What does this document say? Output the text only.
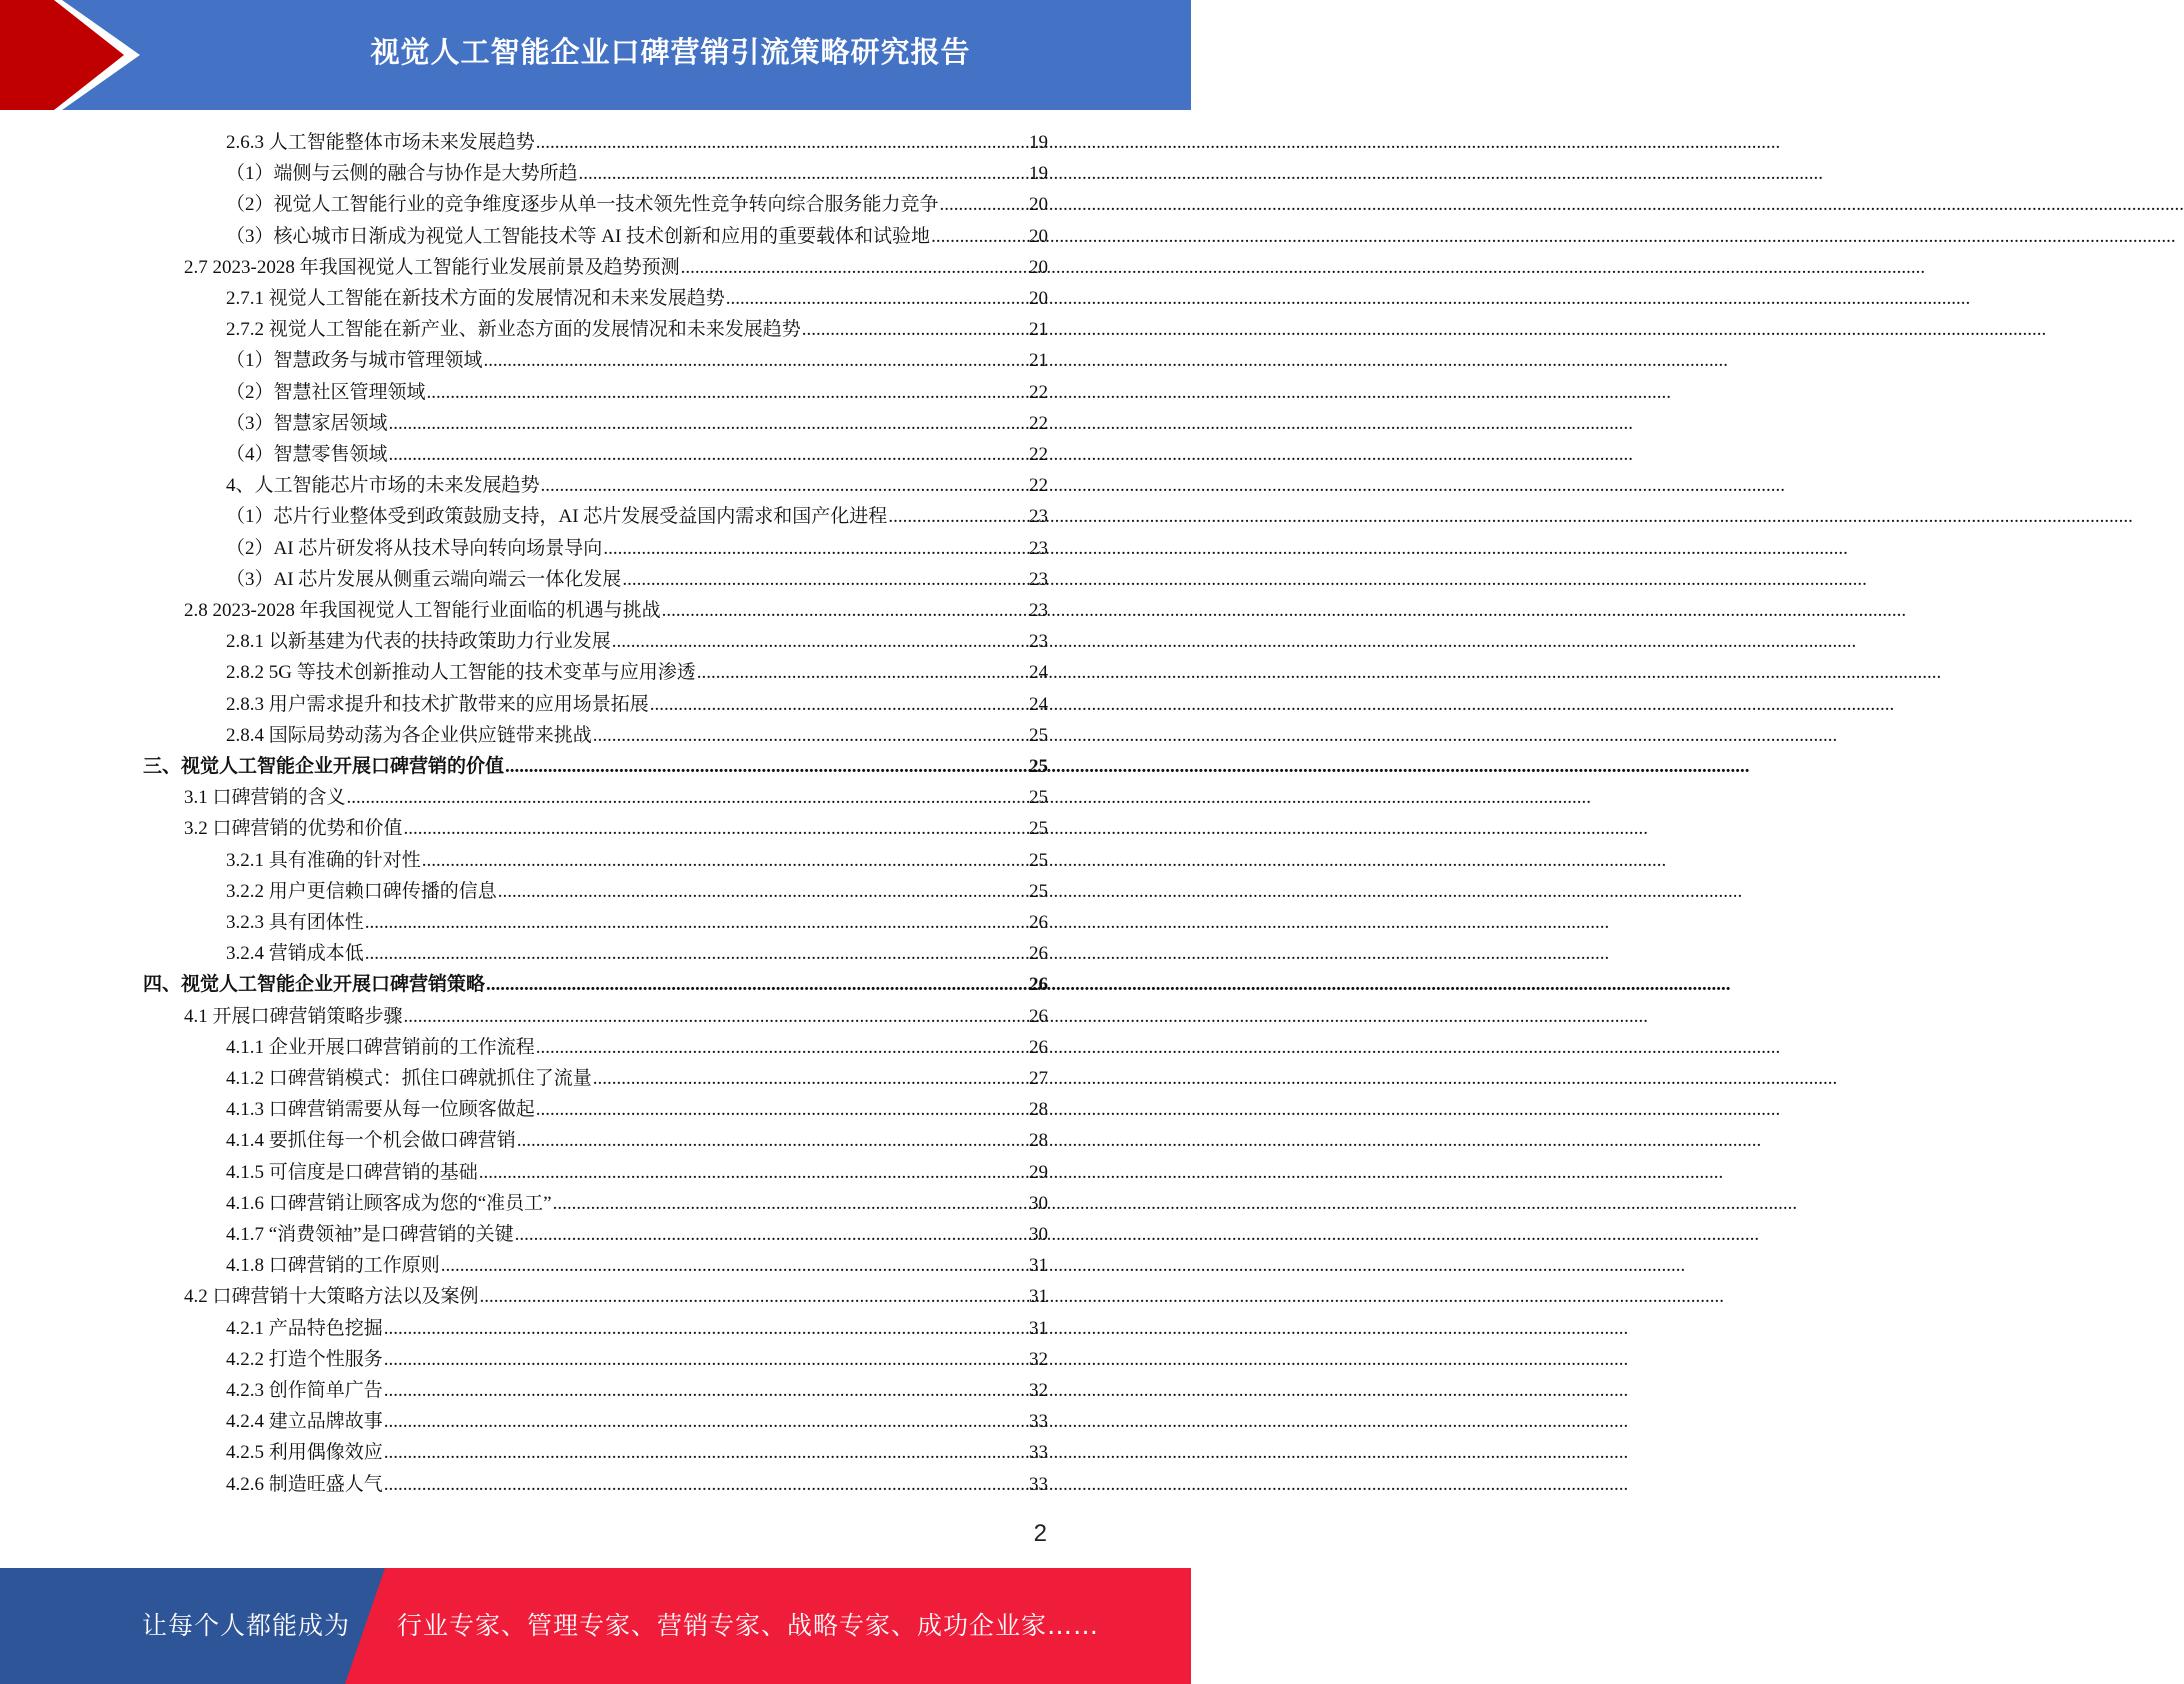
视觉人工智能企业口碑营销引流策略研究报告
2.6.3 人工智能整体市场未来发展趋势 .....	19
（1）端侧与云侧的融合与协作是大势所趋 .....	19
（2）视觉人工智能行业的竞争维度逐步从单一技术领先性竞争转向综合服务能力竞争 .....	20
（3）核心城市日渐成为视觉人工智能技术等 AI 技术创新和应用的重要载体和试验地 .....	20
2.7 2023-2028 年我国视觉人工智能行业发展前景及趋势预测 .....	20
2.7.1 视觉人工智能在新技术方面的发展情况和未来发展趋势 .....	20
2.7.2 视觉人工智能在新产业、新业态方面的发展情况和未来发展趋势 .....	21
（1）智慧政务与城市管理领域 .....	21
（2）智慧社区管理领域 .....	22
（3）智慧家居领域 .....	22
（4）智慧零售领域 .....	22
4、人工智能芯片市场的未来发展趋势 .....	22
（1）芯片行业整体受到政策鼓励支持，AI 芯片发展受益国内需求和国产化进程 .....	23
（2）AI 芯片研发将从技术导向转向场景导向 .....	23
（3）AI 芯片发展从侧重云端向端云一体化发展 .....	23
2.8 2023-2028 年我国视觉人工智能行业面临的机遇与挑战 .....	23
2.8.1 以新基建为代表的扶持政策助力行业发展 .....	23
2.8.2 5G 等技术创新推动人工智能的技术变革与应用渗透 .....	24
2.8.3 用户需求提升和技术扩散带来的应用场景拓展 .....	24
2.8.4 国际局势动荡为各企业供应链带来挑战 .....	25
三、视觉人工智能企业开展口碑营销的价值 .....	25
3.1 口碑营销的含义 .....	25
3.2 口碑营销的优势和价值 .....	25
3.2.1 具有准确的针对性 .....	25
3.2.2 用户更信赖口碑传播的信息 .....	25
3.2.3 具有团体性 .....	26
3.2.4 营销成本低 .....	26
四、视觉人工智能企业开展口碑营销策略 .....	26
4.1 开展口碑营销策略步骤 .....	26
4.1.1 企业开展口碑营销前的工作流程 .....	26
4.1.2 口碑营销模式：抓住口碑就抓住了流量 .....	27
4.1.3 口碑营销需要从每一位顾客做起 .....	28
4.1.4 要抓住每一个机会做口碑营销 .....	28
4.1.5 可信度是口碑营销的基础 .....	29
4.1.6 口碑营销让顾客成为您的“准员工” .....	30
4.1.7 “消费领袖”是口碑营销的关键 .....	30
4.1.8 口碑营销的工作原则 .....	31
4.2 口碑营销十大策略方法以及案例 .....	31
4.2.1 产品特色挖掘 .....	31
4.2.2 打造个性服务 .....	32
4.2.3 创作简单广告 .....	32
4.2.4 建立品牌故事 .....	33
4.2.5 利用偶像效应 .....	33
4.2.6 制造旺盛人气 .....	33
2
让每个人都能成为 行业专家、管理专家、营销专家、战略专家、成功企业家……
